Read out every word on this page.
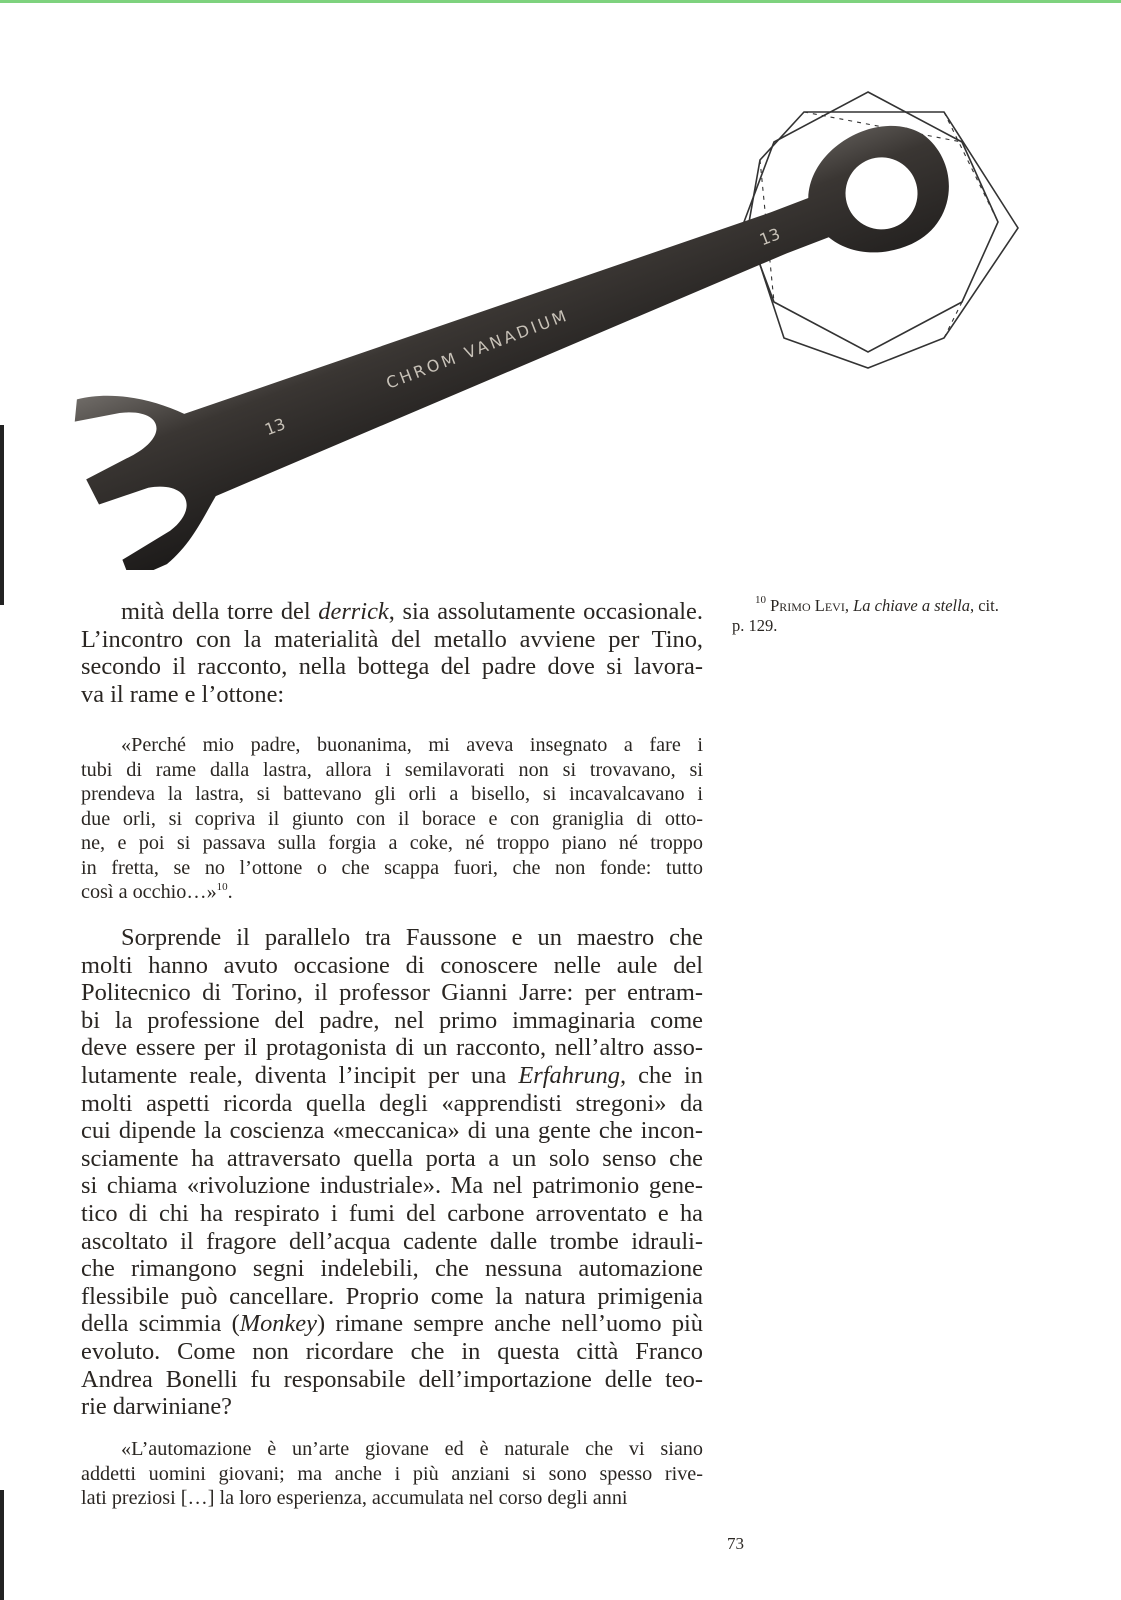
13
CHROM VANADIUM
13
mità della torre del derrick, sia assolutamente occasionale.
L’incontro con la materialità del metallo avviene per Tino,
secondo il racconto, nella bottega del padre dove si lavora-
va il rame e l’ottone:
«Perché mio padre, buonanima, mi aveva insegnato a fare i
tubi di rame dalla lastra, allora i semilavorati non si trovavano, si
prendeva la lastra, si battevano gli orli a bisello, si incavalcavano i
due orli, si copriva il giunto con il borace e con graniglia di otto-
ne, e poi si passava sulla forgia a coke, né troppo piano né troppo
in fretta, se no l’ottone o che scappa fuori, che non fonde: tutto
così a occhio…»$^{10}$.
Sorprende il parallelo tra Faussone e un maestro che
molti hanno avuto occasione di conoscere nelle aule del
Politecnico di Torino, il professor Gianni Jarre: per entram-
bi la professione del padre, nel primo immaginaria come
deve essere per il protagonista di un racconto, nell’altro asso-
lutamente reale, diventa l’incipit per una Erfahrung, che in
molti aspetti ricorda quella degli «apprendisti stregoni» da
cui dipende la coscienza «meccanica» di una gente che incon-
sciamente ha attraversato quella porta a un solo senso che
si chiama «rivoluzione industriale». Ma nel patrimonio gene-
tico di chi ha respirato i fumi del carbone arroventato e ha
ascoltato il fragore dell’acqua cadente dalle trombe idrauli-
che rimangono segni indelebili, che nessuna automazione
flessibile può cancellare. Proprio come la natura primigenia
della scimmia (Monkey) rimane sempre anche nell’uomo più
evoluto. Come non ricordare che in questa città Franco
Andrea Bonelli fu responsabile dell’importazione delle teo-
rie darwiniane?
«L’automazione è un’arte giovane ed è naturale che vi siano
addetti uomini giovani; ma anche i più anziani si sono spesso rive-
lati preziosi […] la loro esperienza, accumulata nel corso degli anni
$^{10}$ Primo Levi, La chiave a stella, cit.
p. 129.
73
